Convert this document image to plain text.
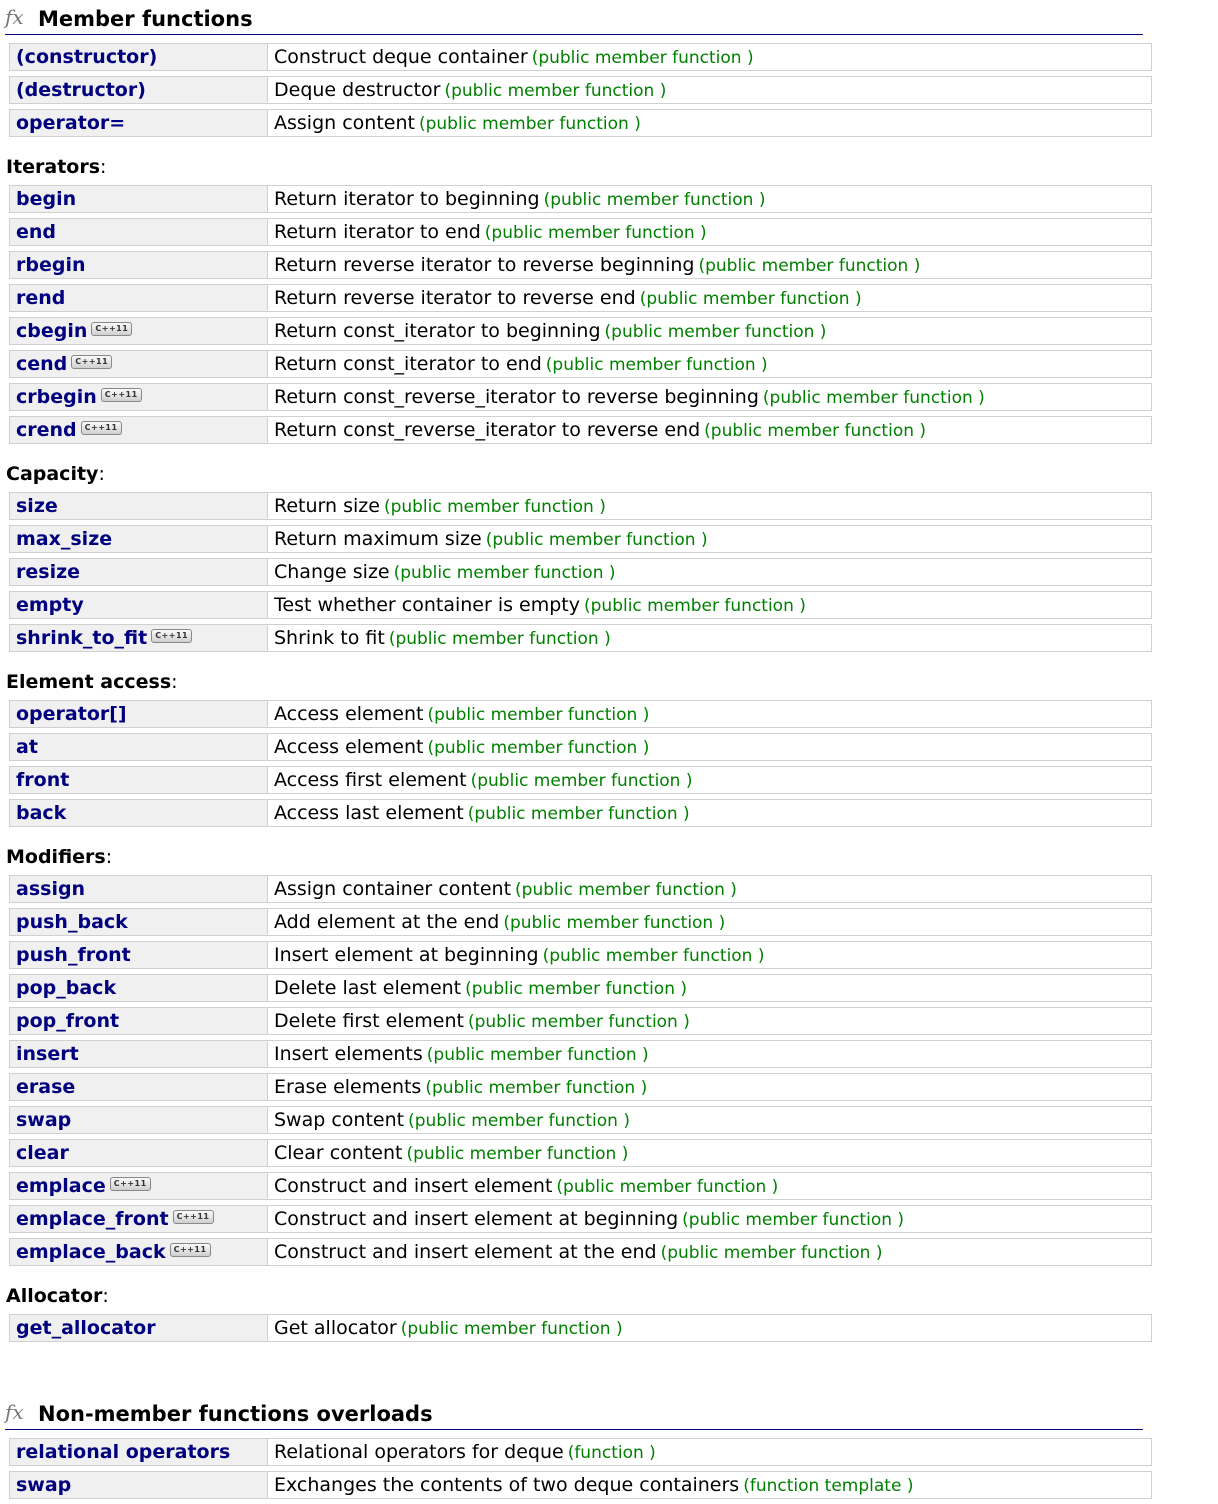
fx Member functions
(constructor)	Construct deque container (public member function )
(destructor)	Deque destructor (public member function )
operator=	Assign content (public member function )
Iterators:
begin	Return iterator to beginning (public member function )
end	Return iterator to end (public member function )
rbegin	Return reverse iterator to reverse beginning (public member function )
rend	Return reverse iterator to reverse end (public member function )
cbegin C++11	Return const_iterator to beginning (public member function )
cend C++11	Return const_iterator to end (public member function )
crbegin C++11	Return const_reverse_iterator to reverse beginning (public member function )
crend C++11	Return const_reverse_iterator to reverse end (public member function )
Capacity:
size	Return size (public member function )
max_size	Return maximum size (public member function )
resize	Change size (public member function )
empty	Test whether container is empty (public member function )
shrink_to_fit C++11	Shrink to fit (public member function )
Element access:
operator[]	Access element (public member function )
at	Access element (public member function )
front	Access first element (public member function )
back	Access last element (public member function )
Modifiers:
assign	Assign container content (public member function )
push_back	Add element at the end (public member function )
push_front	Insert element at beginning (public member function )
pop_back	Delete last element (public member function )
pop_front	Delete first element (public member function )
insert	Insert elements (public member function )
erase	Erase elements (public member function )
swap	Swap content (public member function )
clear	Clear content (public member function )
emplace C++11	Construct and insert element (public member function )
emplace_front C++11	Construct and insert element at beginning (public member function )
emplace_back C++11	Construct and insert element at the end (public member function )
Allocator:
get_allocator	Get allocator (public member function )
fx Non-member functions overloads
relational operators	Relational operators for deque (function )
swap	Exchanges the contents of two deque containers (function template )
